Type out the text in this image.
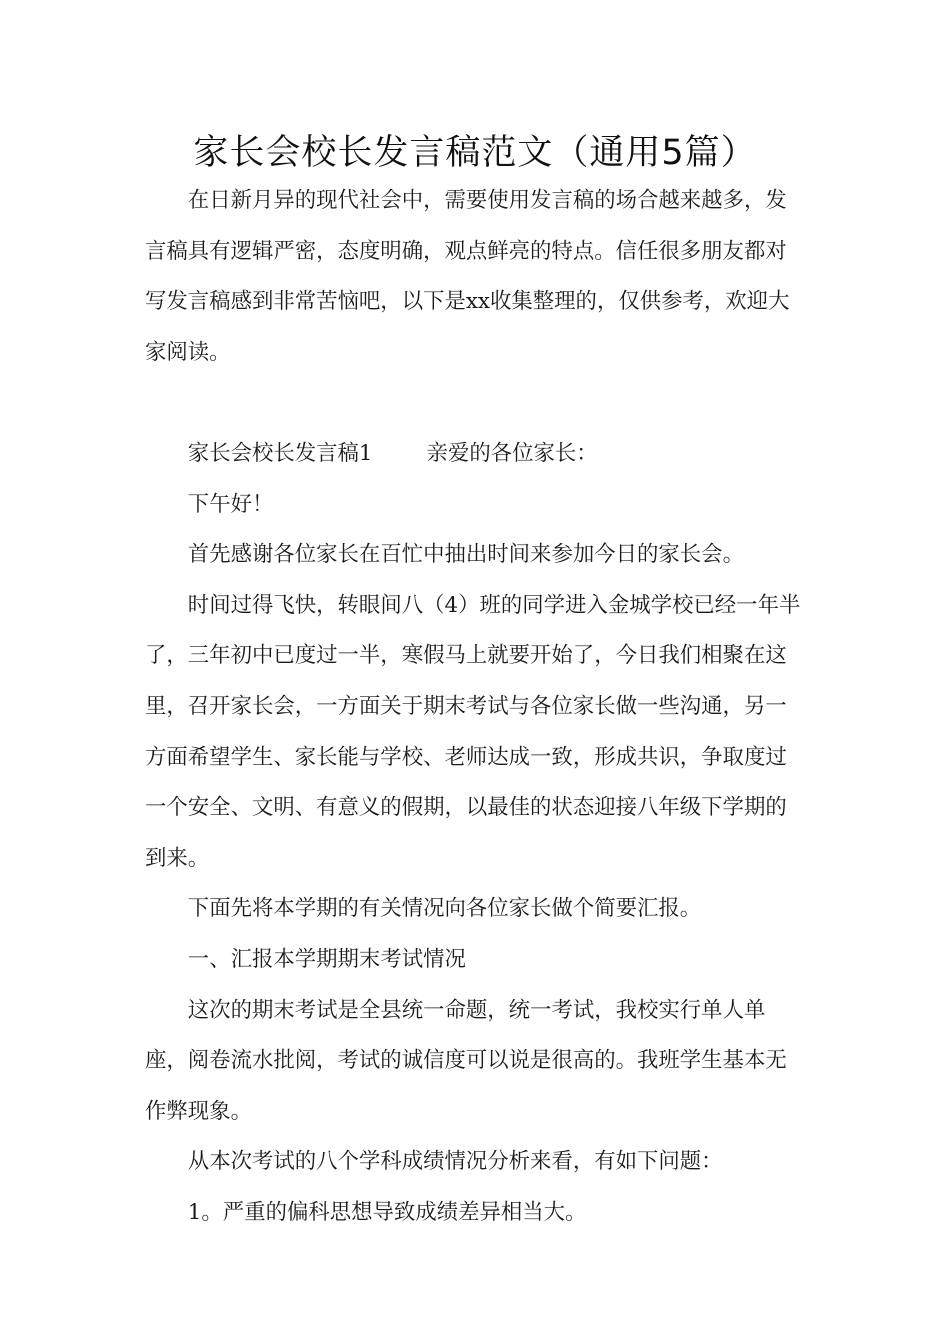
家长会校长发言稿范文（通用5篇）

在日新月异的现代社会中，需要使用发言稿的场合越来越多，发言稿具有逻辑严密，态度明确，观点鲜亮的特点。信任很多朋友都对写发言稿感到非常苦恼吧，以下是xx收集整理的，仅供参考，欢迎大家阅读。

家长会校长发言稿1	亲爱的各位家长：

下午好！

首先感谢各位家长在百忙中抽出时间来参加今日的家长会。

时间过得飞快，转眼间八（4）班的同学进入金城学校已经一年半了，三年初中已度过一半，寒假马上就要开始了，今日我们相聚在这里，召开家长会，一方面关于期末考试与各位家长做一些沟通，另一方面希望学生、家长能与学校、老师达成一致，形成共识，争取度过一个安全、文明、有意义的假期，以最佳的状态迎接八年级下学期的到来。

下面先将本学期的有关情况向各位家长做个简要汇报。

一、汇报本学期期末考试情况

这次的期末考试是全县统一命题，统一考试，我校实行单人单座，阅卷流水批阅，考试的诚信度可以说是很高的。我班学生基本无作弊现象。

从本次考试的八个学科成绩情况分析来看，有如下问题：

1。严重的偏科思想导致成绩差异相当大。
